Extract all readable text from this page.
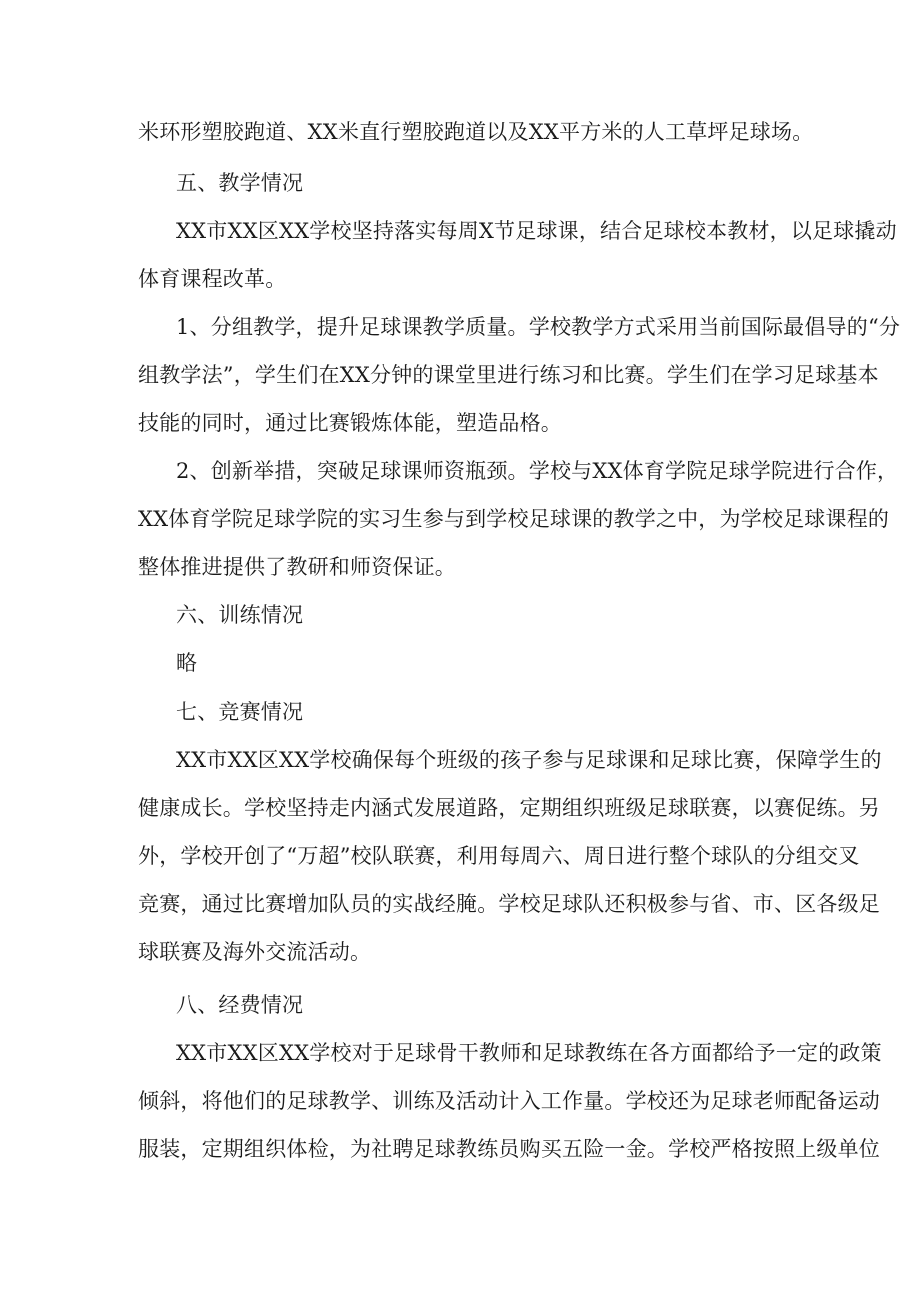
米环形塑胶跑道、XX米直行塑胶跑道以及XX平方米的人工草坪足球场。
五、教学情况
XX市XX区XX学校坚持落实每周X节足球课，结合足球校本教材，以足球撬动
体育课程改革。
1、分组教学，提升足球课教学质量。学校教学方式采用当前国际最倡导的“分
组教学法”，学生们在XX分钟的课堂里进行练习和比赛。学生们在学习足球基本
技能的同时，通过比赛锻炼体能，塑造品格。
2、创新举措，突破足球课师资瓶颈。学校与XX体育学院足球学院进行合作，
XX体育学院足球学院的实习生参与到学校足球课的教学之中，为学校足球课程的
整体推进提供了教研和师资保证。
六、训练情况
略
七、竞赛情况
XX市XX区XX学校确保每个班级的孩子参与足球课和足球比赛，保障学生的
健康成长。学校坚持走内涵式发展道路，定期组织班级足球联赛，以赛促练。另
外，学校开创了“万超”校队联赛，利用每周六、周日进行整个球队的分组交叉
竞赛，通过比赛增加队员的实战经腌。学校足球队还积极参与省、市、区各级足
球联赛及海外交流活动。
八、经费情况
XX市XX区XX学校对于足球骨干教师和足球教练在各方面都给予一定的政策
倾斜，将他们的足球教学、训练及活动计入工作量。学校还为足球老师配备运动
服装，定期组织体检，为社聘足球教练员购买五险一金。学校严格按照上级单位
